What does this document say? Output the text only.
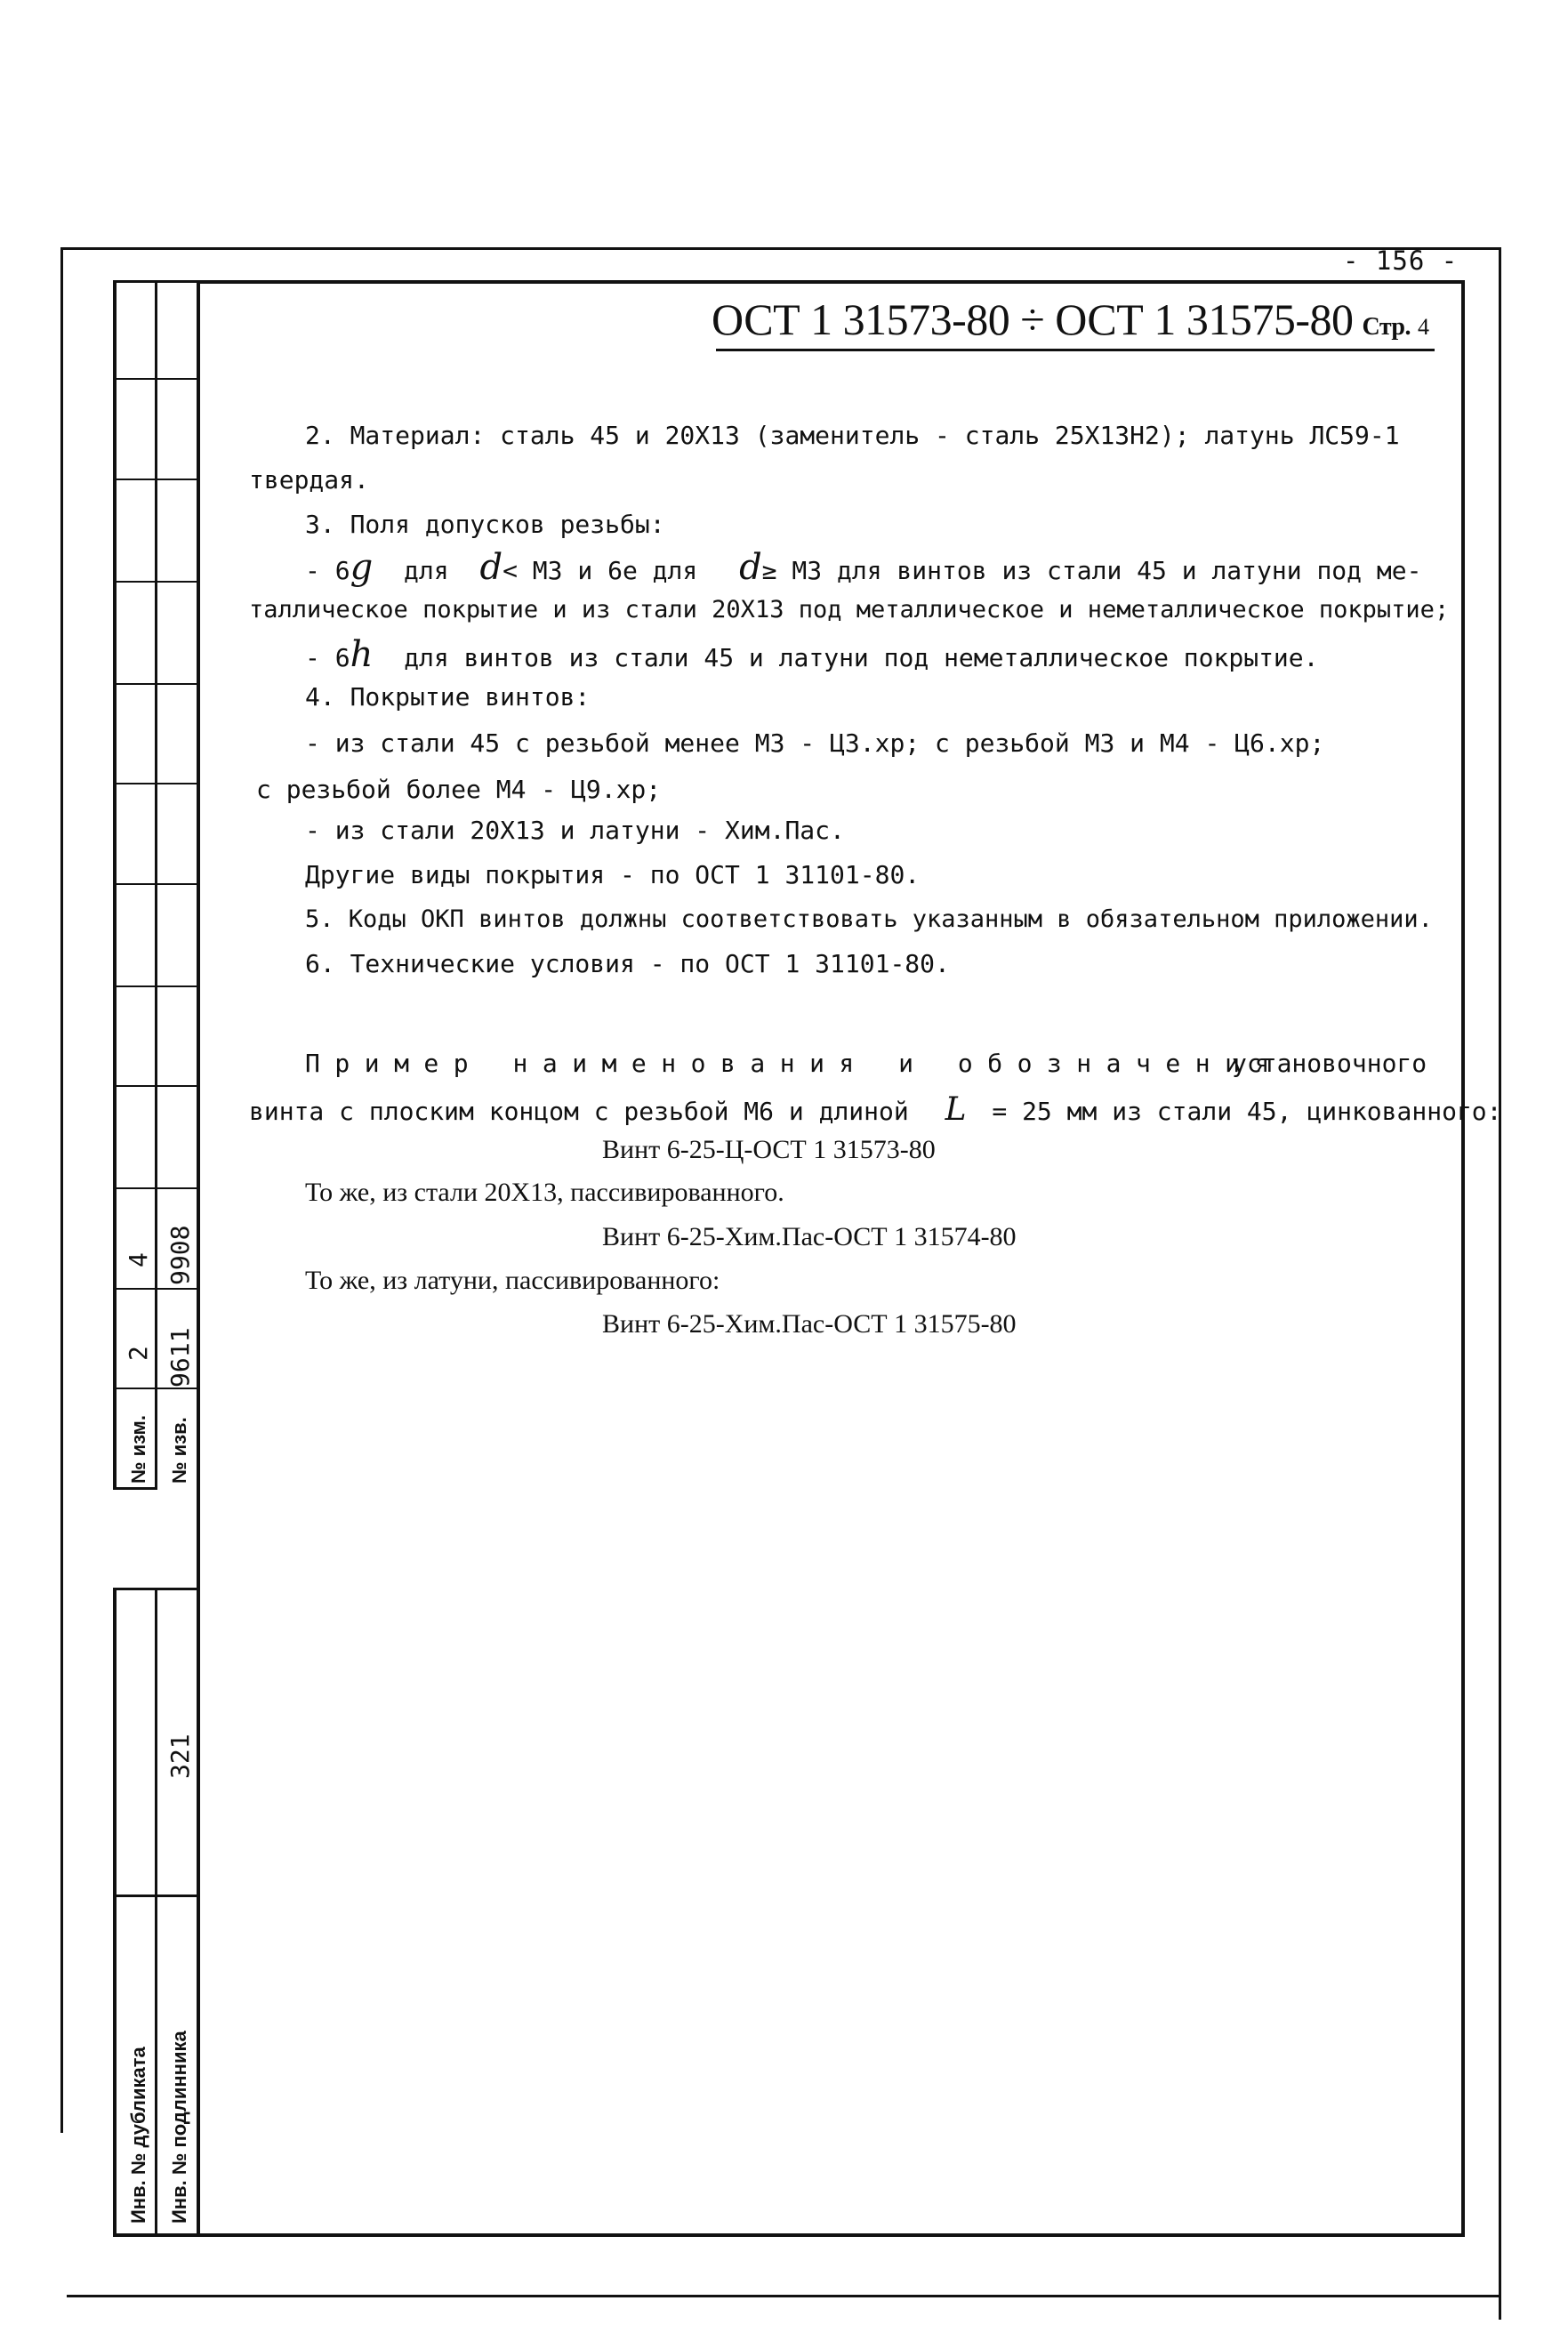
4 9908
2 9611
№ изм. № изв.
321
Инв. № дубликата Инв. № подлинника
- 156 -
ОСТ 1 31573-80 ÷ ОСТ 1 31575-80 Стр. 4
2. Материал: сталь 45 и 20Х13 (заменитель - сталь 25Х13Н2); латунь ЛС59-1
твердая.
3. Поля допусков резьбы:
- 6g для d< М3 и 6е для d≥ М3 для винтов из стали 45 и латуни под ме-
таллическое покрытие и из стали 20Х13 под металлическое и неметаллическое покрытие;
- 6h для винтов из стали 45 и латуни под неметаллическое покрытие.
4. Покрытие винтов:
- из стали 45 с резьбой менее М3 - Ц3.хр; с резьбой М3 и М4 - Ц6.хр;
с резьбой более М4 - Ц9.хр;
- из стали 20Х13 и латуни - Хим.Пас.
Другие виды покрытия - по ОСТ 1 31101-80.
5. Коды ОКП винтов должны соответствовать указанным в обязательном приложении.
6. Технические условия - по ОСТ 1 31101-80.
Пример наименования и обозначения
установочного
винта с плоским концом с резьбой М6 и длиной L = 25 мм из стали 45, цинкованного:
Винт 6-25-Ц-ОСТ 1 31573-80
То же, из стали 20Х13, пассивированного.
Винт 6-25-Хим.Пас-ОСТ 1 31574-80
То же, из латуни, пассивированного:
Винт 6-25-Хим.Пас-ОСТ 1 31575-80
